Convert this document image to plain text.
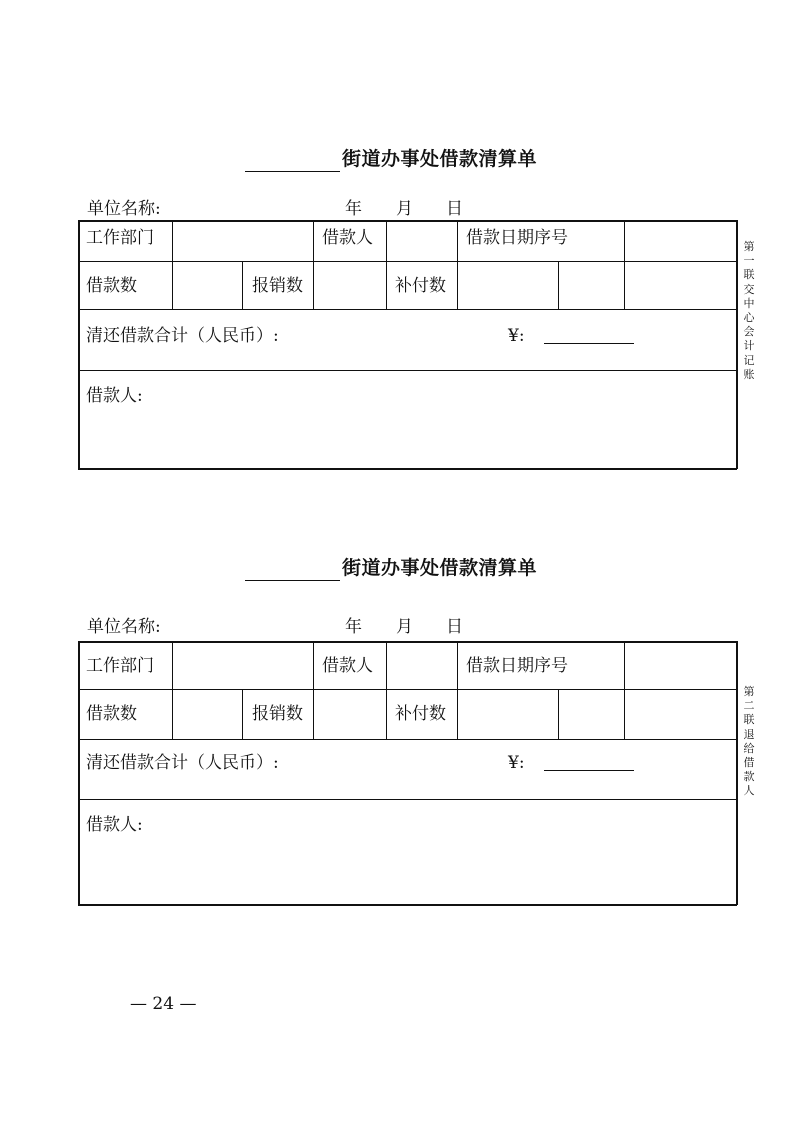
街道办事处借款清算单
单位名称:	年 月 日
工作部门	借款人	借款日期序号
借款数	报销数	补付数
清还借款合计（人民币）:	¥:
借款人:
第一联交中心会计记账
街道办事处借款清算单
单位名称:	年 月 日
工作部门	借款人	借款日期序号
借款数	报销数	补付数
清还借款合计（人民币）:	¥:
借款人:
第二联退给借款人
— 24 —
